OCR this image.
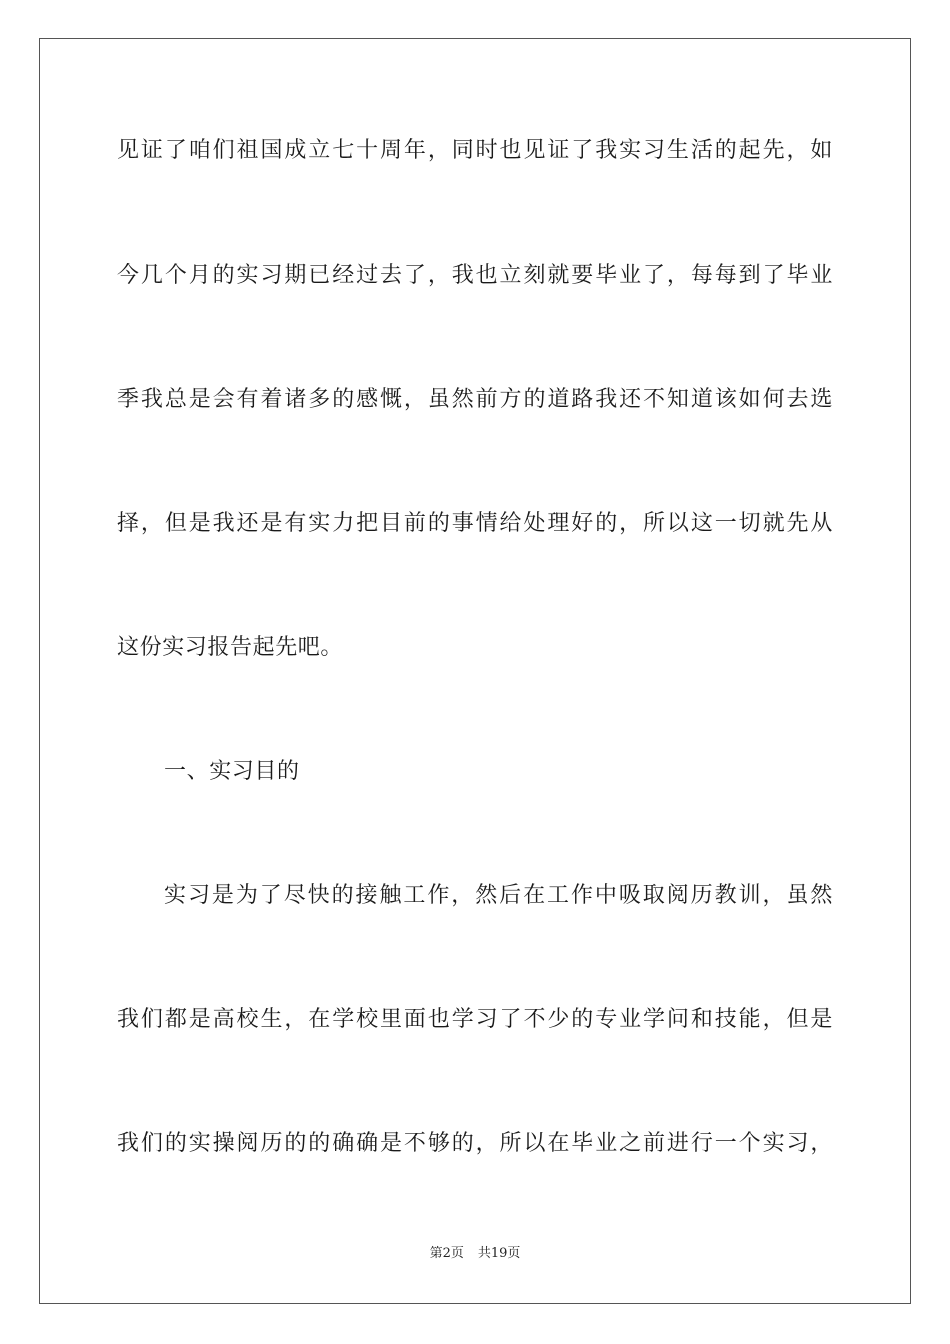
见证了咱们祖国成立七十周年，同时也见证了我实习生活的起先，如
今几个月的实习期已经过去了，我也立刻就要毕业了，每每到了毕业
季我总是会有着诸多的感慨，虽然前方的道路我还不知道该如何去选
择，但是我还是有实力把目前的事情给处理好的，所以这一切就先从
这份实习报告起先吧。
一、实习目的
实习是为了尽快的接触工作，然后在工作中吸取阅历教训，虽然
我们都是高校生，在学校里面也学习了不少的专业学问和技能，但是
我们的实操阅历的的确确是不够的，所以在毕业之前进行一个实习，
第2页 共19页
